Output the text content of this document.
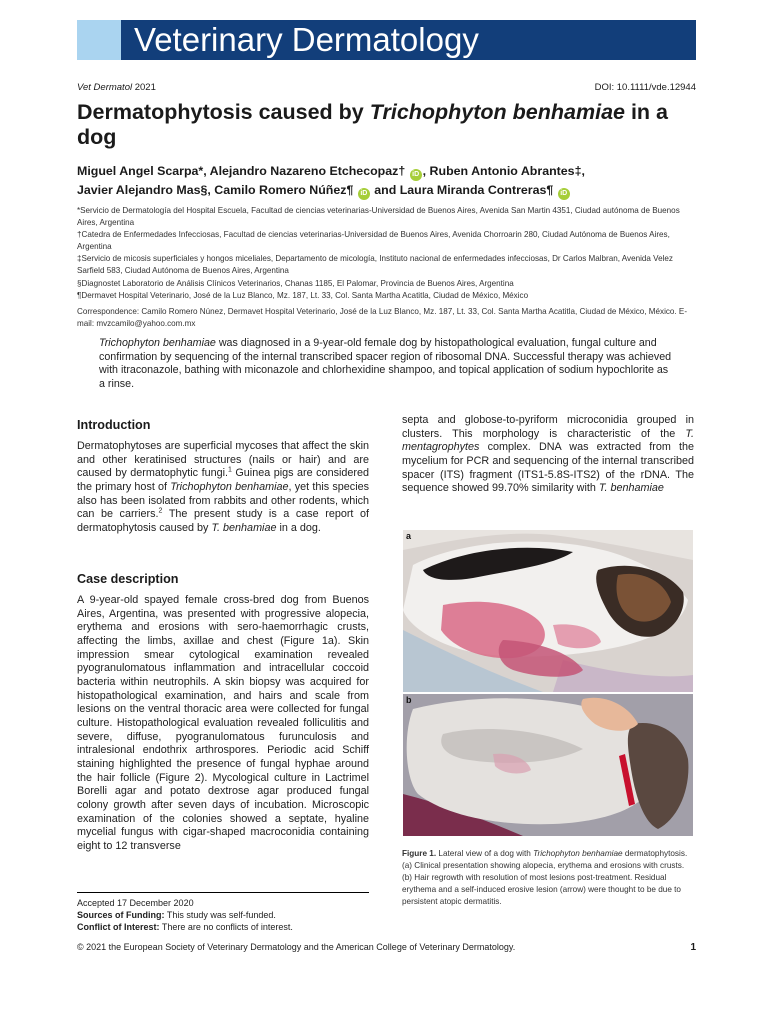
Veterinary Dermatology
Vet Dermatol 2021	DOI: 10.1111/vde.12944
Dermatophytosis caused by Trichophyton benhamiae in a dog
Miguel Angel Scarpa*, Alejandro Nazareno Etchecopaz† iD , Ruben Antonio Abrantes‡,
Javier Alejandro Mas§, Camilo Romero Núñez¶ iD and Laura Miranda Contreras¶ iD

*Servicio de Dermatología del Hospital Escuela, Facultad de ciencias veterinarias-Universidad de Buenos Aires, Avenida San Martin 4351, Ciudad autónoma de Buenos Aires, Argentina

†Catedra de Enfermedades Infecciosas, Facultad de ciencias veterinarias-Universidad de Buenos Aires, Avenida Chorroarin 280, Ciudad Autónoma de Buenos Aires, Argentina

‡Servicio de micosis superficiales y hongos miceliales, Departamento de micología, Instituto nacional de enfermedades infecciosas, Dr Carlos Malbran, Avenida Velez Sarfield 583, Ciudad Autónoma de Buenos Aires, Argentina

§Diagnostet Laboratorio de Análisis Clínicos Veterinarios, Chanas 1185, El Palomar, Provincia de Buenos Aires, Argentina

¶Dermavet Hospital Veterinario, José de la Luz Blanco, Mz. 187, Lt. 33, Col. Santa Martha Acatitla, Ciudad de México, México

Correspondence: Camilo Romero Núnez, Dermavet Hospital Veterinario, José de la Luz Blanco, Mz. 187, Lt. 33, Col. Santa Martha Acatitla, Ciudad de México, México. E-mail: mvzcamilo@yahoo.com.mx

Trichophyton benhamiae was diagnosed in a 9-year-old female dog by histopathological evaluation, fungal culture and confirmation by sequencing of the internal transcribed spacer region of ribosomal DNA. Successful therapy was achieved with itraconazole, bathing with miconazole and chlorhexidine shampoo, and topical application of sodium hypochlorite as a rinse.
Introduction
Dermatophytoses are superficial mycoses that affect the skin and other keratinised structures (nails or hair) and are caused by dermatophytic fungi.$^1$ Guinea pigs are considered the primary host of Trichophyton benhamiae, yet this species also has been isolated from rabbits and other rodents, which can be carriers.$^2$ The present study is a case report of dermatophytosis caused by T. benhamiae in a dog.
Case description
A 9-year-old spayed female cross-bred dog from Buenos Aires, Argentina, was presented with progressive alopecia, erythema and erosions with sero-haemorrhagic crusts, affecting the limbs, axillae and chest (Figure 1a). Skin impression smear cytological examination revealed pyogranulomatous inflammation and intracellular coccoid bacteria within neutrophils. A skin biopsy was acquired for histopathological examination, and hairs and scale from lesions on the ventral thoracic area were collected for fungal culture. Histopathological evaluation revealed folliculitis and severe, diffuse, pyogranulomatous furunculosis and intralesional endothrix arthrospores. Periodic acid Schiff staining highlighted the presence of fungal hyphae around the hair follicle (Figure 2). Mycological culture in Lactrimel Borelli agar and potato dextrose agar produced fungal colony growth after seven days of incubation. Microscopic examination of the colonies showed a septate, hyaline mycelial fungus with cigar-shaped macroconidia containing eight to 12 transverse
septa and globose-to-pyriform microconidia grouped in clusters. This morphology is characteristic of the T. mentagrophytes complex. DNA was extracted from the mycelium for PCR and sequencing of the internal transcribed spacer (ITS) fragment (ITS1-5.8S-ITS2) of the rDNA. The sequence showed 99.70% similarity with T. benhamiae
a
b
Figure 1. Lateral view of a dog with Trichophyton benhamiae dermatophytosis.
(a) Clinical presentation showing alopecia, erythema and erosions with crusts. (b) Hair regrowth with resolution of most lesions post-treatment. Residual erythema and a self-induced erosive lesion (arrow) were thought to be due to persistent atopic dermatitis.

Accepted 17 December 2020

Sources of Funding: This study was self-funded.

Conflict of Interest: There are no conflicts of interest.

© 2021 the European Society of Veterinary Dermatology and the American College of Veterinary Dermatology.	1
